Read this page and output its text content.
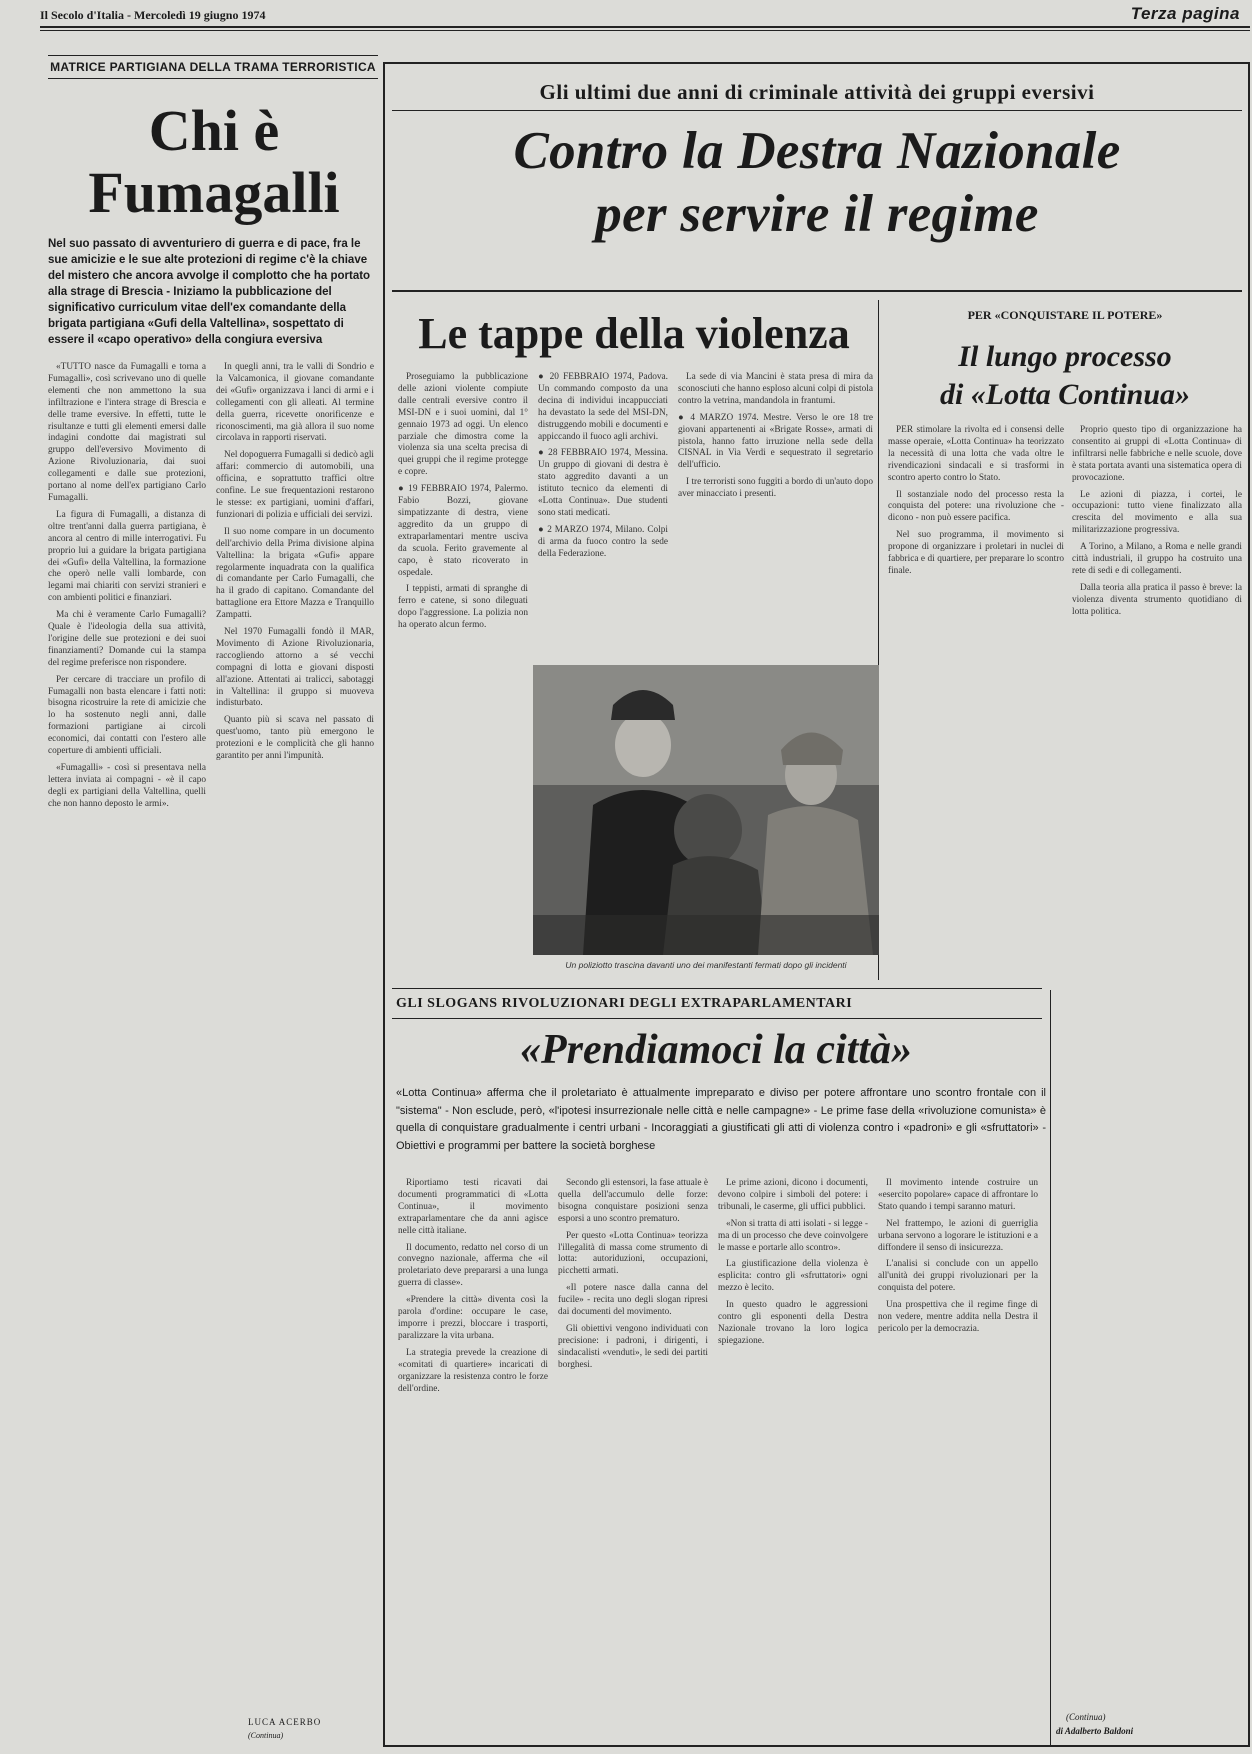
Il Secolo d'Italia - Mercoledì 19 giugno 1974	Terza pagina
MATRICE PARTIGIANA DELLA TRAMA TERRORISTICA
Chi è
Fumagalli
Nel suo passato di avventuriero di guerra e di pace, fra le sue amicizie e le sue alte protezioni di regime c'è la chiave del mistero che ancora avvolge il complotto che ha portato alla strage di Brescia - Iniziamo la pubblicazione del significativo curriculum vitae dell'ex comandante della brigata partigiana «Gufi della Valtellina», sospettato di essere il «capo operativo» della congiura eversiva

«TUTTO nasce da Fumagalli e torna a Fumagalli», così scrivevano uno di quelle elementi che non ammettono la sua infiltrazione e l'intera strage di Brescia e delle trame eversive. In effetti, tutte le risultanze e tutti gli elementi emersi dalle indagini condotte dai magistrati sul gruppo dell'eversivo Movimento di Azione Rivoluzionaria, dai suoi collegamenti e dalle sue protezioni, portano al nome dell'ex partigiano Carlo Fumagalli.

La figura di Fumagalli, a distanza di oltre trent'anni dalla guerra partigiana, è ancora al centro di mille interrogativi. Fu proprio lui a guidare la brigata partigiana dei «Gufi» della Valtellina, la formazione che operò nelle valli lombarde, con legami mai chiariti con servizi stranieri e con ambienti politici e finanziari.

Ma chi è veramente Carlo Fumagalli? Quale è l'ideologia della sua attività, l'origine delle sue protezioni e dei suoi finanziamenti? Domande cui la stampa del regime preferisce non rispondere.

Per cercare di tracciare un profilo di Fumagalli non basta elencare i fatti noti: bisogna ricostruire la rete di amicizie che lo ha sostenuto negli anni, dalle formazioni partigiane ai circoli economici, dai contatti con l'estero alle coperture di ambienti ufficiali.

«Fumagalli» - così si presentava nella lettera inviata ai compagni - «è il capo degli ex partigiani della Valtellina, quelli che non hanno deposto le armi».

In quegli anni, tra le valli di Sondrio e la Valcamonica, il giovane comandante dei «Gufi» organizzava i lanci di armi e i collegamenti con gli alleati. Al termine della guerra, ricevette onorificenze e riconoscimenti, ma già allora il suo nome circolava in rapporti riservati.

Nel dopoguerra Fumagalli si dedicò agli affari: commercio di automobili, una officina, e soprattutto traffici oltre confine. Le sue frequentazioni restarono le stesse: ex partigiani, uomini d'affari, funzionari di polizia e ufficiali dei servizi.

Il suo nome compare in un documento dell'archivio della Prima divisione alpina Valtellina: la brigata «Gufi» appare regolarmente inquadrata con la qualifica di comandante per Carlo Fumagalli, che ha il grado di capitano. Comandante del battaglione era Ettore Mazza e Tranquillo Zampatti.

Nel 1970 Fumagalli fondò il MAR, Movimento di Azione Rivoluzionaria, raccogliendo attorno a sé vecchi compagni di lotta e giovani disposti all'azione. Attentati ai tralicci, sabotaggi in Valtellina: il gruppo si muoveva indisturbato.

Quanto più si scava nel passato di quest'uomo, tanto più emergono le protezioni e le complicità che gli hanno garantito per anni l'impunità.

LUCA ACERBO
(Continua)
Gli ultimi due anni di criminale attività dei gruppi eversivi
Contro la Destra Nazionale
per servire il regime
Le tappe della violenza

Proseguiamo la pubblicazione delle azioni violente compiute dalle centrali eversive contro il MSI-DN e i suoi uomini, dal 1° gennaio 1973 ad oggi. Un elenco parziale che dimostra come la violenza sia una scelta precisa di quei gruppi che il regime protegge e copre.

● 19 FEBBRAIO 1974, Palermo. Fabio Bozzi, giovane simpatizzante di destra, viene aggredito da un gruppo di extraparlamentari mentre usciva da scuola. Ferito gravemente al capo, è stato ricoverato in ospedale.

I teppisti, armati di spranghe di ferro e catene, si sono dileguati dopo l'aggressione. La polizia non ha operato alcun fermo.

● 20 FEBBRAIO 1974, Padova. Un commando composto da una decina di individui incappucciati ha devastato la sede del MSI-DN, distruggendo mobili e documenti e appiccando il fuoco agli archivi.

● 28 FEBBRAIO 1974, Messina. Un gruppo di giovani di destra è stato aggredito davanti a un istituto tecnico da elementi di «Lotta Continua». Due studenti sono stati medicati.

● 2 MARZO 1974, Milano. Colpi di arma da fuoco contro la sede della Federazione.

La sede di via Mancini è stata presa di mira da sconosciuti che hanno esploso alcuni colpi di pistola contro la vetrina, mandandola in frantumi.

● 4 MARZO 1974. Mestre. Verso le ore 18 tre giovani appartenenti ai «Brigate Rosse», armati di pistola, hanno fatto irruzione nella sede della CISNAL in Via Verdi e sequestrato il segretario dell'ufficio.

I tre terroristi sono fuggiti a bordo di un'auto dopo aver minacciato i presenti.

Un poliziotto trascina davanti uno dei manifestanti fermati dopo gli incidenti
PER «CONQUISTARE IL POTERE»
Il lungo processo
di «Lotta Continua»

PER stimolare la rivolta ed i consensi delle masse operaie, «Lotta Continua» ha teorizzato la necessità di una lotta che vada oltre le rivendicazioni sindacali e si trasformi in scontro aperto contro lo Stato.

Il sostanziale nodo del processo resta la conquista del potere: una rivoluzione che - dicono - non può essere pacifica.

Nel suo programma, il movimento si propone di organizzare i proletari in nuclei di fabbrica e di quartiere, per preparare lo scontro finale.

Proprio questo tipo di organizzazione ha consentito ai gruppi di «Lotta Continua» di infiltrarsi nelle fabbriche e nelle scuole, dove è stata portata avanti una sistematica opera di provocazione.

Le azioni di piazza, i cortei, le occupazioni: tutto viene finalizzato alla crescita del movimento e alla sua militarizzazione progressiva.

A Torino, a Milano, a Roma e nelle grandi città industriali, il gruppo ha costruito una rete di sedi e di collegamenti.

Dalla teoria alla pratica il passo è breve: la violenza diventa strumento quotidiano di lotta politica.

(Continua)
di Adalberto Baldoni
GLI SLOGANS RIVOLUZIONARI DEGLI EXTRAPARLAMENTARI
«Prendiamoci la città»
«Lotta Continua» afferma che il proletariato è attualmente impreparato e diviso per potere affrontare uno scontro frontale con il "sistema" - Non esclude, però, «l'ipotesi insurrezionale nelle città e nelle campagne» - Le prime fase della «rivoluzione comunista» è quella di conquistare gradualmente i centri urbani - Incoraggiati a giustificati gli atti di violenza contro i «padroni» e gli «sfruttatori» - Obiettivi e programmi per battere la società borghese

Riportiamo testi ricavati dai documenti programmatici di «Lotta Continua», il movimento extraparlamentare che da anni agisce nelle città italiane.

Il documento, redatto nel corso di un convegno nazionale, afferma che «il proletariato deve prepararsi a una lunga guerra di classe».

«Prendere la città» diventa così la parola d'ordine: occupare le case, imporre i prezzi, bloccare i trasporti, paralizzare la vita urbana.

La strategia prevede la creazione di «comitati di quartiere» incaricati di organizzare la resistenza contro le forze dell'ordine.

Secondo gli estensori, la fase attuale è quella dell'accumulo delle forze: bisogna conquistare posizioni senza esporsi a uno scontro prematuro.

Per questo «Lotta Continua» teorizza l'illegalità di massa come strumento di lotta: autoriduzioni, occupazioni, picchetti armati.

«Il potere nasce dalla canna del fucile» - recita uno degli slogan ripresi dai documenti del movimento.

Gli obiettivi vengono individuati con precisione: i padroni, i dirigenti, i sindacalisti «venduti», le sedi dei partiti borghesi.

Le prime azioni, dicono i documenti, devono colpire i simboli del potere: i tribunali, le caserme, gli uffici pubblici.

«Non si tratta di atti isolati - si legge - ma di un processo che deve coinvolgere le masse e portarle allo scontro».

La giustificazione della violenza è esplicita: contro gli «sfruttatori» ogni mezzo è lecito.

In questo quadro le aggressioni contro gli esponenti della Destra Nazionale trovano la loro logica spiegazione.

Il movimento intende costruire un «esercito popolare» capace di affrontare lo Stato quando i tempi saranno maturi.

Nel frattempo, le azioni di guerriglia urbana servono a logorare le istituzioni e a diffondere il senso di insicurezza.

L'analisi si conclude con un appello all'unità dei gruppi rivoluzionari per la conquista del potere.

Una prospettiva che il regime finge di non vedere, mentre addita nella Destra il pericolo per la democrazia.
